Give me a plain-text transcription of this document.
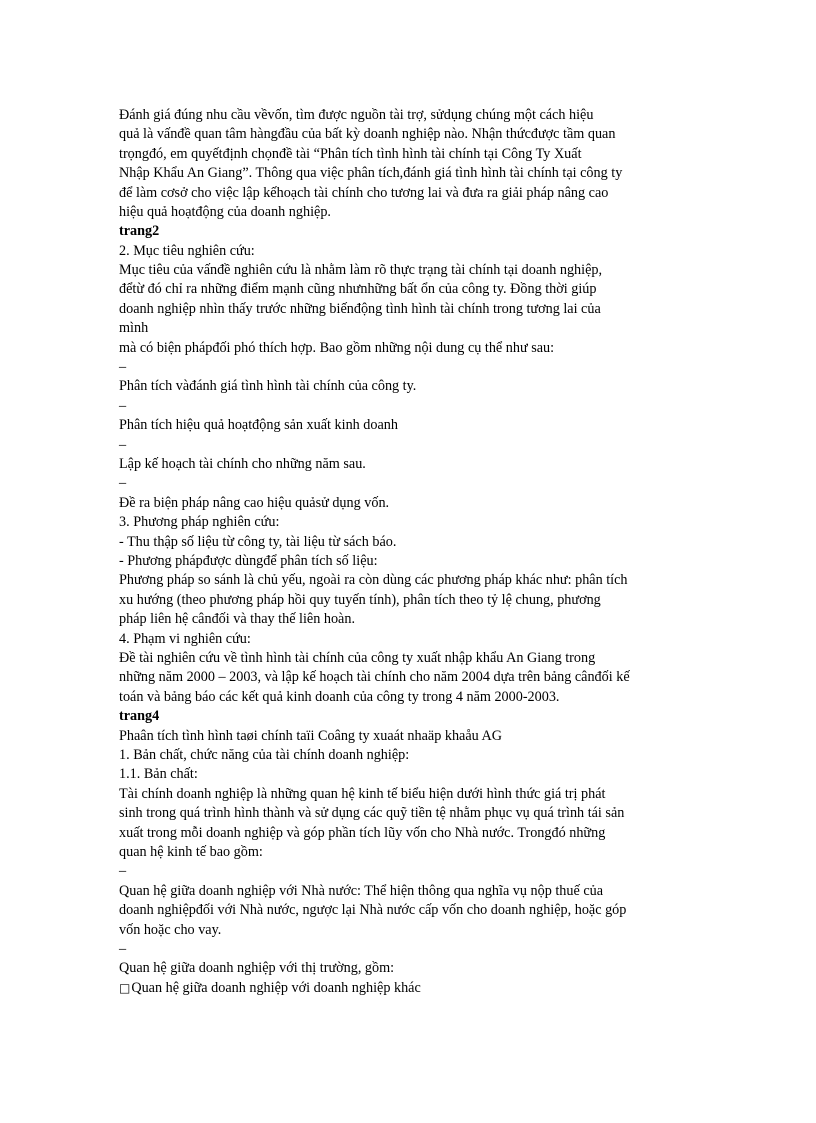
Đánh giá đúng nhu cầu vềvốn, tìm được nguồn tài trợ, sửdụng chúng một cách hiệu

quả là vấnđề quan tâm hàngđầu của bất kỳ doanh nghiệp nào. Nhận thứcđược tầm quan

trọngđó, em quyếtđịnh chọnđề tài “Phân tích tình hình tài chính tại Công Ty Xuất

Nhập Khẩu An Giang”. Thông qua việc phân tích,đánh giá tình hình tài chính tại công ty

để làm cơsở cho việc lập kếhoạch tài chính cho tương lai và đưa ra giải pháp nâng cao

hiệu quả hoạtđộng của doanh nghiệp.

trang2

2. Mục tiêu nghiên cứu:

Mục tiêu của vấnđề nghiên cứu là nhằm làm rõ thực trạng tài chính tại doanh nghiệp,

đểtừ đó chỉ ra những điểm mạnh cũng nhưnhững bất ổn của công ty. Đồng thời giúp

doanh nghiệp nhìn thấy trước những biếnđộng tình hình tài chính trong tương lai của

mình

mà có biện phápđối phó thích hợp. Bao gồm những nội dung cụ thể như sau:

–

Phân tích vàđánh giá tình hình tài chính của công ty.

–

Phân tích hiệu quả hoạtđộng sản xuất kinh doanh

–

Lập kế hoạch tài chính cho những năm sau.

–

Đề ra biện pháp nâng cao hiệu quảsử dụng vốn.

3. Phương pháp nghiên cứu:

- Thu thập số liệu từ công ty, tài liệu từ sách báo.

- Phương phápđược dùngđể phân tích số liệu:

Phương pháp so sánh là chủ yếu, ngoài ra còn dùng các phương pháp khác như: phân tích

xu hướng (theo phương pháp hồi quy tuyến tính), phân tích theo tỷ lệ chung, phương

pháp liên hệ cânđối và thay thế liên hoàn.

4. Phạm vi nghiên cứu:

Đề tài nghiên cứu về tình hình tài chính của công ty xuất nhập khẩu An Giang trong

những năm 2000 – 2003, và lập kế hoạch tài chính cho năm 2004 dựa trên bảng cânđối kế

toán và bảng báo các kết quả kinh doanh của công ty trong 4 năm 2000-2003.

trang4

Phaân tích tình hình taøi chính taïi Coâng ty xuaát nhaäp khaåu AG

1. Bản chất, chức năng của tài chính doanh nghiệp:

1.1. Bản chất:

Tài chính doanh nghiệp là những quan hệ kinh tế biểu hiện dưới hình thức giá trị phát

sinh trong quá trình hình thành và sử dụng các quỹ tiền tệ nhằm phục vụ quá trình tái sản

xuất trong mỗi doanh nghiệp và góp phần tích lũy vốn cho Nhà nước. Trongđó những

quan hệ kinh tế bao gồm:

–

Quan hệ giữa doanh nghiệp với Nhà nước: Thể hiện thông qua nghĩa vụ nộp thuế của

doanh nghiệpđối với Nhà nước, ngược lại Nhà nước cấp vốn cho doanh nghiệp, hoặc góp

vốn hoặc cho vay.

–

Quan hệ giữa doanh nghiệp với thị trường, gồm:

□Quan hệ giữa doanh nghiệp với doanh nghiệp khác
